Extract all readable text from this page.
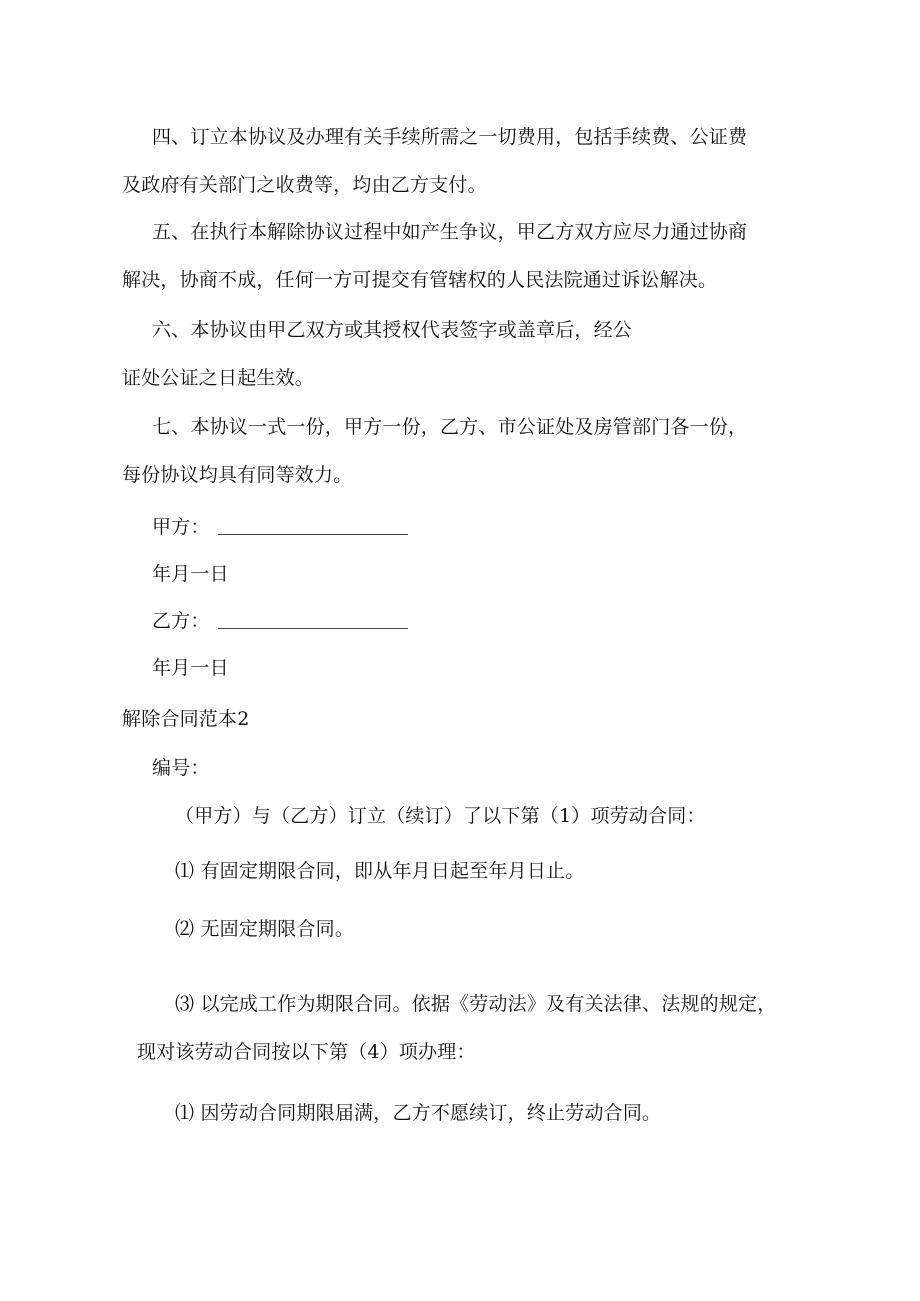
四、订立本协议及办理有关手续所需之一切费用，包括手续费、公证费
及政府有关部门之收费等，均由乙方支付。
五、在执行本解除协议过程中如产生争议，甲乙方双方应尽力通过协商
解决，协商不成，任何一方可提交有管辖权的人民法院通过诉讼解决。
六、本协议由甲乙双方或其授权代表签字或盖章后，经公
证处公证之日起生效。
七、本协议一式一份，甲方一份，乙方、市公证处及房管部门各一份，
每份协议均具有同等效力。
甲方：
年月一日
乙方：
年月一日
解除合同范本2
编号：
（甲方）与（乙方）订立（续订）了以下第（1）项劳动合同：
⑴ 有固定期限合同，即从年月日起至年月日止。
⑵ 无固定期限合同。
⑶ 以完成工作为期限合同。依据《劳动法》及有关法律、法规的规定，
现对该劳动合同按以下第（4）项办理：
⑴ 因劳动合同期限届满，乙方不愿续订，终止劳动合同。
